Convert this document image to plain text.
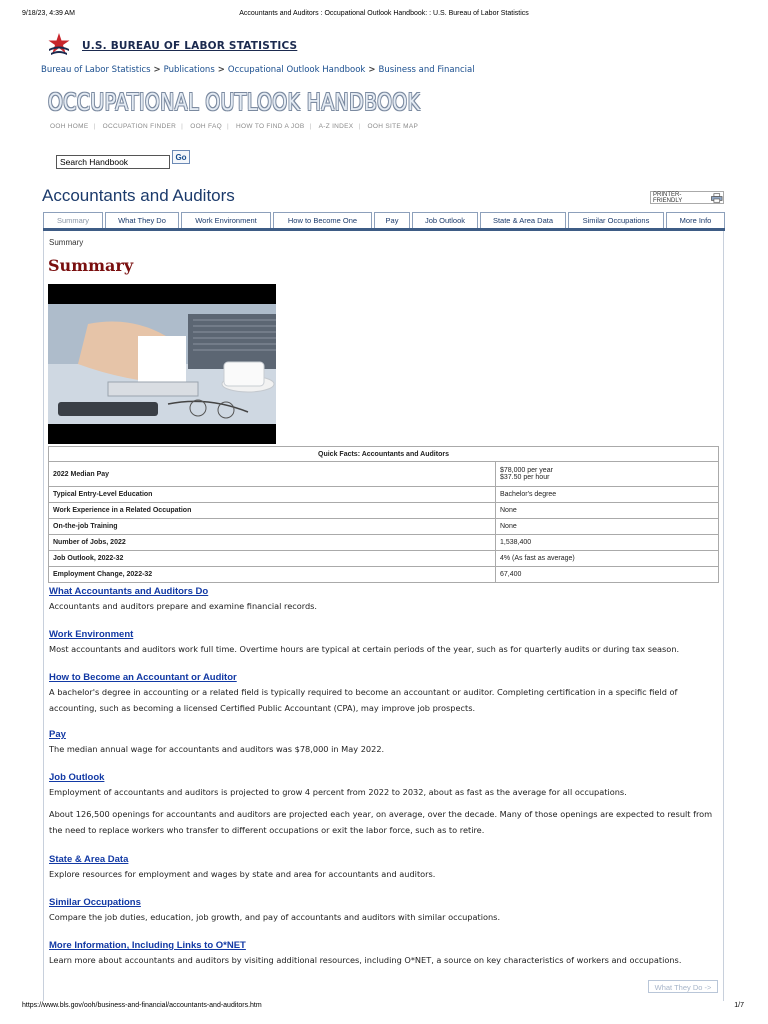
9/18/23, 4:39 AM	Accountants and Auditors : Occupational Outlook Handbook: : U.S. Bureau of Labor Statistics
U.S. BUREAU OF LABOR STATISTICS
Bureau of Labor Statistics > Publications > Occupational Outlook Handbook > Business and Financial
OCCUPATIONAL OUTLOOK HANDBOOK
OOH HOME | OCCUPATION FINDER | OOH FAQ | HOW TO FIND A JOB | A-Z INDEX | OOH SITE MAP
Search Handbook
Go
Accountants and Auditors	PRINTER-FRIENDLY
Summary	What They Do	Work Environment	How to Become One	Pay	Job Outlook	State & Area Data	Similar Occupations	More Info
Summary
Summary
Quick Facts: Accountants and Auditors	
2022 Median Pay	$78,000 per year
$37.50 per hour
Typical Entry-Level Education	Bachelor's degree
Work Experience in a Related Occupation	None
On-the-job Training	None
Number of Jobs, 2022	1,538,400
Job Outlook, 2022-32	4% (As fast as average)
Employment Change, 2022-32	67,400
What Accountants and Auditors Do
Accountants and auditors prepare and examine financial records.
Work Environment
Most accountants and auditors work full time. Overtime hours are typical at certain periods of the year, such as for quarterly audits or during tax season.
How to Become an Accountant or Auditor
A bachelor's degree in accounting or a related field is typically required to become an accountant or auditor. Completing certification in a specific field of accounting, such as becoming a licensed Certified Public Accountant (CPA), may improve job prospects.
Pay
The median annual wage for accountants and auditors was $78,000 in May 2022.
Job Outlook
Employment of accountants and auditors is projected to grow 4 percent from 2022 to 2032, about as fast as the average for all occupations.
About 126,500 openings for accountants and auditors are projected each year, on average, over the decade. Many of those openings are expected to result from the need to replace workers who transfer to different occupations or exit the labor force, such as to retire.
State & Area Data
Explore resources for employment and wages by state and area for accountants and auditors.
Similar Occupations
Compare the job duties, education, job growth, and pay of accountants and auditors with similar occupations.
More Information, Including Links to O*NET
Learn more about accountants and auditors by visiting additional resources, including O*NET, a source on key characteristics of workers and occupations.
What They Do ->
https://www.bls.gov/ooh/business-and-financial/accountants-and-auditors.htm	1/7
